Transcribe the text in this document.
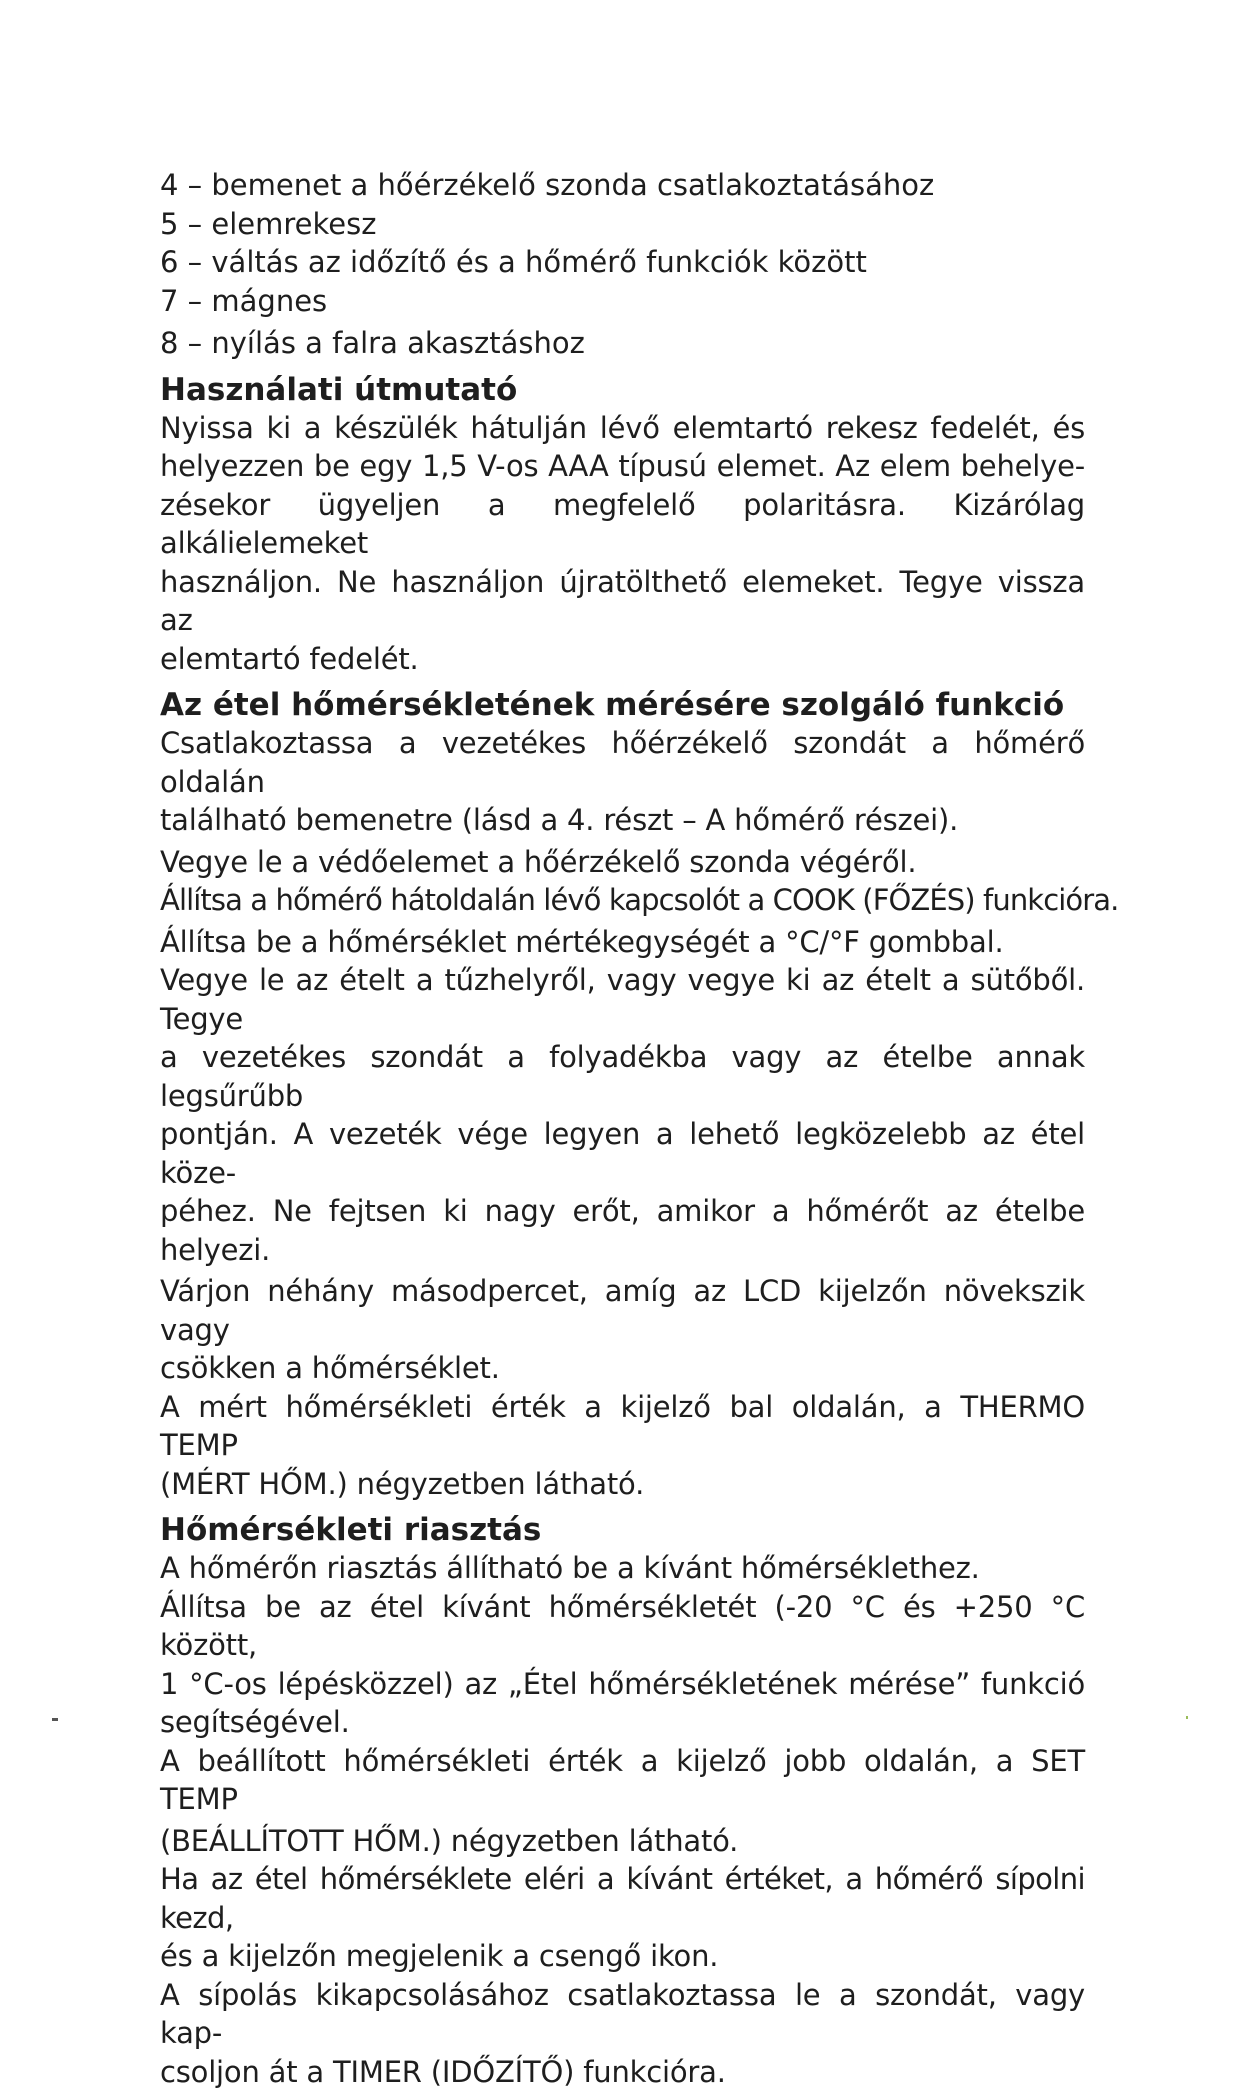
4 – bemenet a hőérzékelő szonda csatlakoztatásához
5 – elemrekesz
6 – váltás az időzítő és a hőmérő funkciók között
7 – mágnes
8 – nyílás a falra akasztáshoz
Használati útmutató
Nyissa ki a készülék hátulján lévő elemtartó rekesz fedelét, és
helyezzen be egy 1,5 V-os AAA típusú elemet. Az elem behelye-
zésekor ügyeljen a megfelelő polaritásra. Kizárólag alkálielemeket
használjon. Ne használjon újratölthető elemeket. Tegye vissza az
elemtartó fedelét.
Az étel hőmérsékletének mérésére szolgáló funkció
Csatlakoztassa a vezetékes hőérzékelő szondát a hőmérő oldalán
található bemenetre (lásd a 4. részt – A hőmérő részei).
Vegye le a védőelemet a hőérzékelő szonda végéről.
Állítsa a hőmérő hátoldalán lévő kapcsolót a COOK (FŐZÉS) funkcióra.
Állítsa be a hőmérséklet mértékegységét a °C/°F gombbal.
Vegye le az ételt a tűzhelyről, vagy vegye ki az ételt a sütőből. Tegye
a vezetékes szondát a folyadékba vagy az ételbe annak legsűrűbb
pontján. A vezeték vége legyen a lehető legközelebb az étel köze-
péhez. Ne fejtsen ki nagy erőt, amikor a hőmérőt az ételbe helyezi.
Várjon néhány másodpercet, amíg az LCD kijelzőn növekszik vagy
csökken a hőmérséklet.
A mért hőmérsékleti érték a kijelző bal oldalán, a THERMO TEMP
(MÉRT HŐM.) négyzetben látható.
Hőmérsékleti riasztás
A hőmérőn riasztás állítható be a kívánt hőmérséklethez.
Állítsa be az étel kívánt hőmérsékletét (-20 °C és +250 °C között,
1 °C-os lépésközzel) az „Étel hőmérsékletének mérése” funkció
segítségével.
A beállított hőmérsékleti érték a kijelző jobb oldalán, a SET TEMP
(BEÁLLÍTOTT HŐM.) négyzetben látható.
Ha az étel hőmérséklete eléri a kívánt értéket, a hőmérő sípolni kezd,
és a kijelzőn megjelenik a csengő ikon.
A sípolás kikapcsolásához csatlakoztassa le a szondát, vagy kap-
csoljon át a TIMER (IDŐZÍTŐ) funkcióra.
